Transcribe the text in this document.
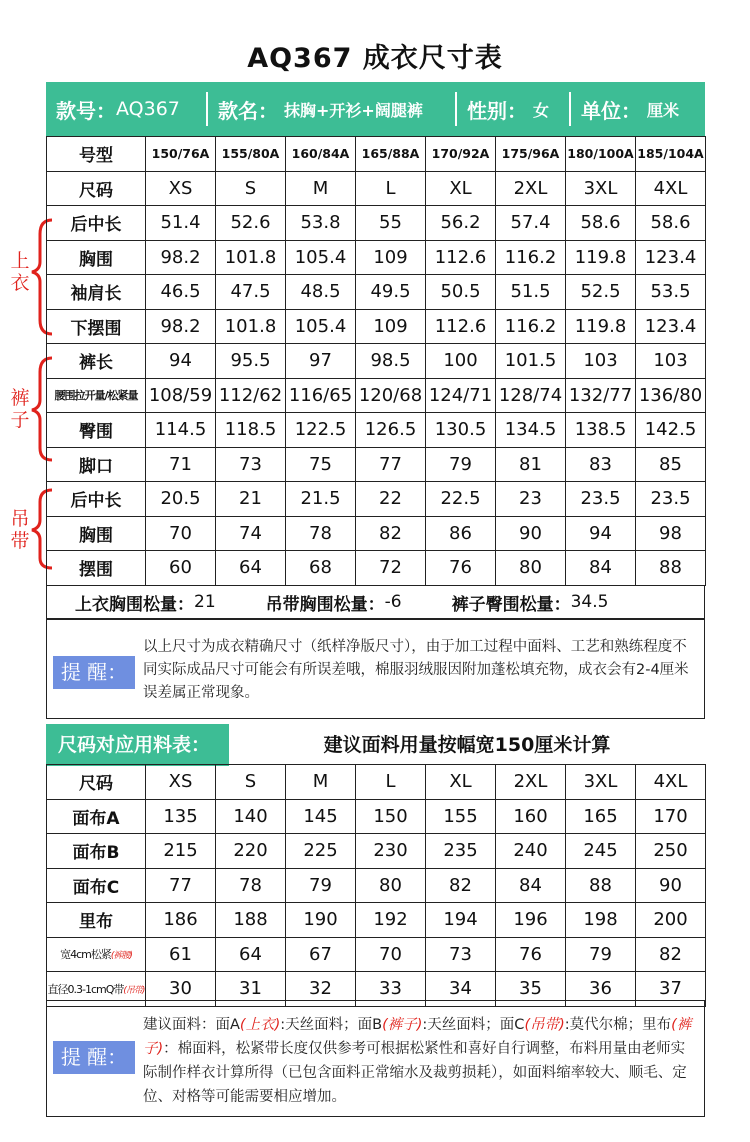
AQ367 成衣尺寸表
款号： AQ367 款名： 抹胸+开衫+阔腿裤 性别： 女 单位： 厘米
上衣
裤子
吊带
号型	150/76A	155/80A	160/84A	165/88A	170/92A	175/96A	180/100A	185/104A
尺码	XS	S	M	L	XL	2XL	3XL	4XL
后中长	51.4	52.6	53.8	55	56.2	57.4	58.6	58.6
胸围	98.2	101.8	105.4	109	112.6	116.2	119.8	123.4
袖肩长	46.5	47.5	48.5	49.5	50.5	51.5	52.5	53.5
下摆围	98.2	101.8	105.4	109	112.6	116.2	119.8	123.4
裤长	94	95.5	97	98.5	100	101.5	103	103
腰围拉开量/松紧量	108/59	112/62	116/65	120/68	124/71	128/74	132/77	136/80
臀围	114.5	118.5	122.5	126.5	130.5	134.5	138.5	142.5
脚口	71	73	75	77	79	81	83	85
后中长	20.5	21	21.5	22	22.5	23	23.5	23.5
胸围	70	74	78	82	86	90	94	98
摆围	60	64	68	72	76	80	84	88
上衣胸围松量： 21	吊带胸围松量： -6	裤子臀围松量： 34.5
提 醒：
以上尺寸为成衣精确尺寸（纸样净版尺寸），由于加工过程中面料、工艺和熟练程度不同实际成品尺寸可能会有所误差哦，棉服羽绒服因附加蓬松填充物，成衣会有2-4厘米误差属正常现象。
尺码对应用料表：	建议面料用量按幅宽150厘米计算
尺码	XS	S	M	L	XL	2XL	3XL	4XL
面布A	135	140	145	150	155	160	165	170
面布B	215	220	225	230	235	240	245	250
面布C	77	78	79	80	82	84	88	90
里布	186	188	190	192	194	196	198	200
宽4cm松紧(裤腰)	61	64	67	70	73	76	79	82
直径0.3-1cmQ带(吊带)	30	31	32	33	34	35	36	37
提 醒：
建议面料：面A(上衣):天丝面料；面B(裤子):天丝面料；面C(吊带):莫代尔棉；里布(裤子)：棉面料，松紧带长度仅供参考可根据松紧性和喜好自行调整，布料用量由老师实际制作样衣计算所得（已包含面料正常缩水及裁剪损耗），如面料缩率较大、顺毛、定位、对格等可能需要相应增加。
